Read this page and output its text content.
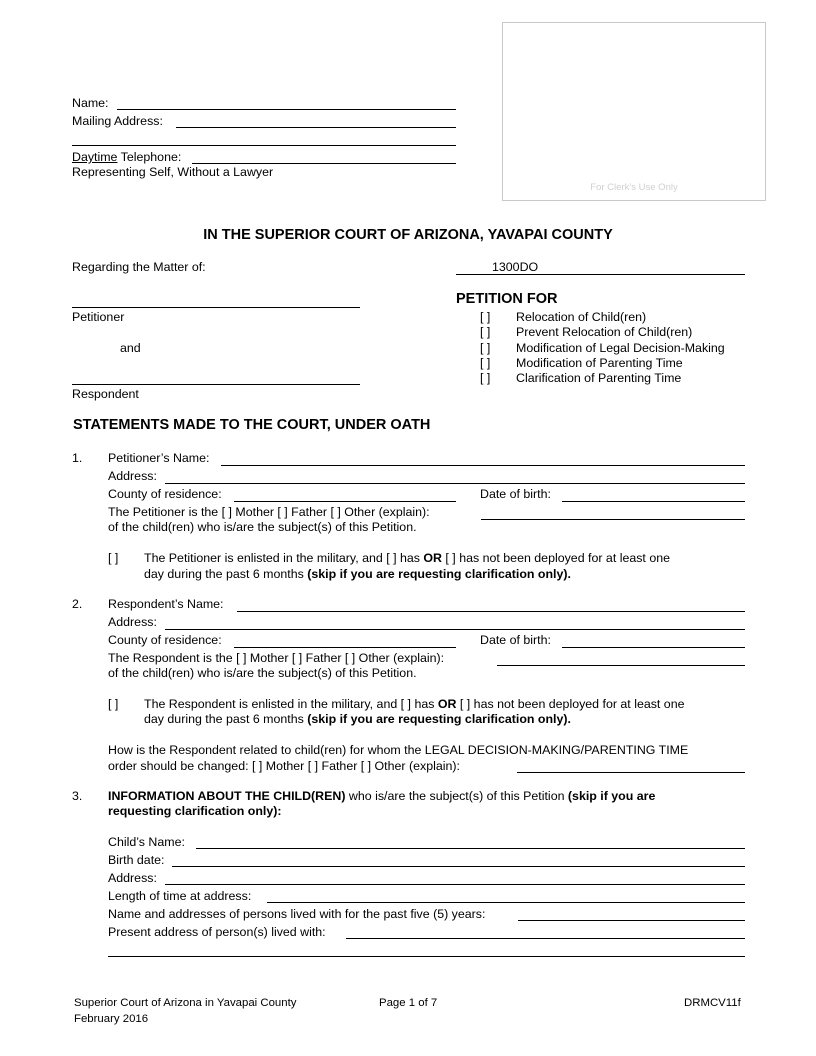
Name:
Mailing Address:
Daytime Telephone:
Representing Self, Without a Lawyer
For Clerk’s Use Only
IN THE SUPERIOR COURT OF ARIZONA, YAVAPAI COUNTY
Regarding the Matter of:	1300DO
Petitioner
and
Respondent
PETITION FOR
[ ] Relocation of Child(ren)
[ ] Prevent Relocation of Child(ren)
[ ] Modification of Legal Decision-Making
[ ] Modification of Parenting Time
[ ] Clarification of Parenting Time
STATEMENTS MADE TO THE COURT, UNDER OATH
1. Petitioner’s Name:
Address:
County of residence:	Date of birth:
The Petitioner is the [ ] Mother [ ] Father [ ] Other (explain):
of the child(ren) who is/are the subject(s) of this Petition.
[ ] The Petitioner is enlisted in the military, and [ ] has OR [ ] has not been deployed for at least one
day during the past 6 months (skip if you are requesting clarification only).
2. Respondent’s Name:
Address:
County of residence:	Date of birth:
The Respondent is the [ ] Mother [ ] Father [ ] Other (explain):
of the child(ren) who is/are the subject(s) of this Petition.
[ ] The Respondent is enlisted in the military, and [ ] has OR [ ] has not been deployed for at least one
day during the past 6 months (skip if you are requesting clarification only).
How is the Respondent related to child(ren) for whom the LEGAL DECISION-MAKING/PARENTING TIME
order should be changed: [ ] Mother [ ] Father [ ] Other (explain):
3. INFORMATION ABOUT THE CHILD(REN) who is/are the subject(s) of this Petition (skip if you are
requesting clarification only):
Child’s Name:
Birth date:
Address:
Length of time at address:
Name and addresses of persons lived with for the past five (5) years:
Present address of person(s) lived with:
Superior Court of Arizona in Yavapai County
February 2016
Page 1 of 7	DRMCV11f
